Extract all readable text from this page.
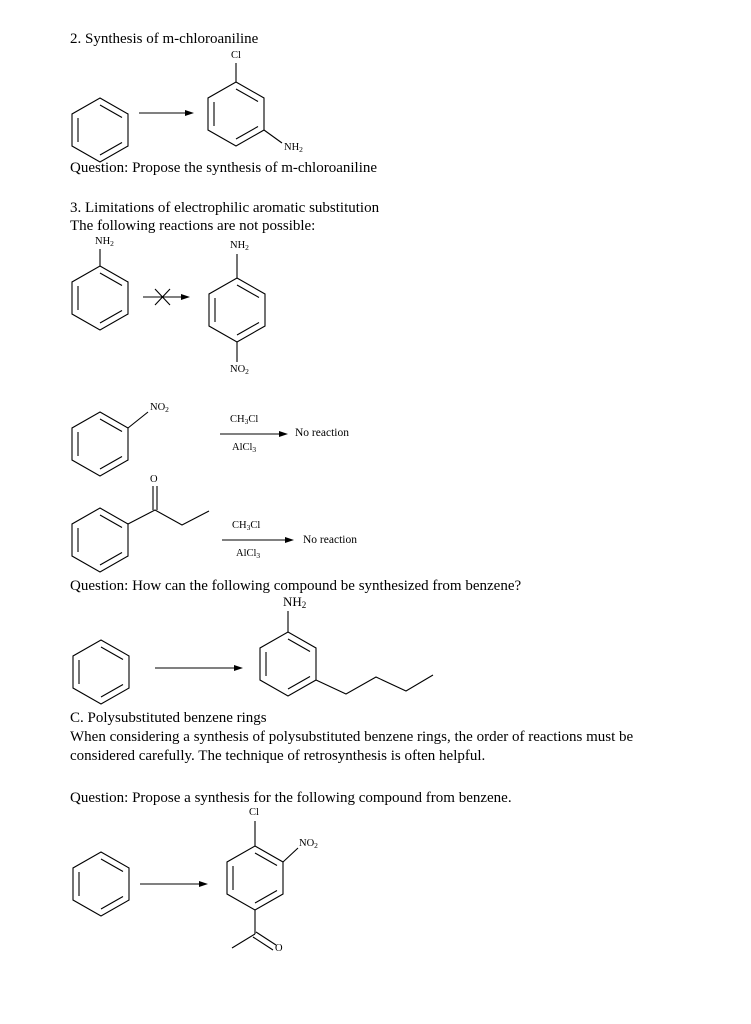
2. Synthesis of m-chloroaniline
Cl
$NH_2$
Question: Propose the synthesis of m-chloroaniline
3. Limitations of electrophilic aromatic substitution
The following reactions are not possible:
$NH_2$	$NH_2$
$NO_2$
$NO_2$
$CH_3Cl$
AlCl$_3$
No reaction
O
$CH_3Cl$
AlCl$_3$
No reaction
Question: How can the following compound be synthesized from benzene?
$NH_2$
C. Polysubstituted benzene rings
When considering a synthesis of polysubstituted benzene rings, the order of reactions must be
considered carefully. The technique of retrosynthesis is often helpful.
Question: Propose a synthesis for the following compound from benzene.
Cl
$NO_2$
O
